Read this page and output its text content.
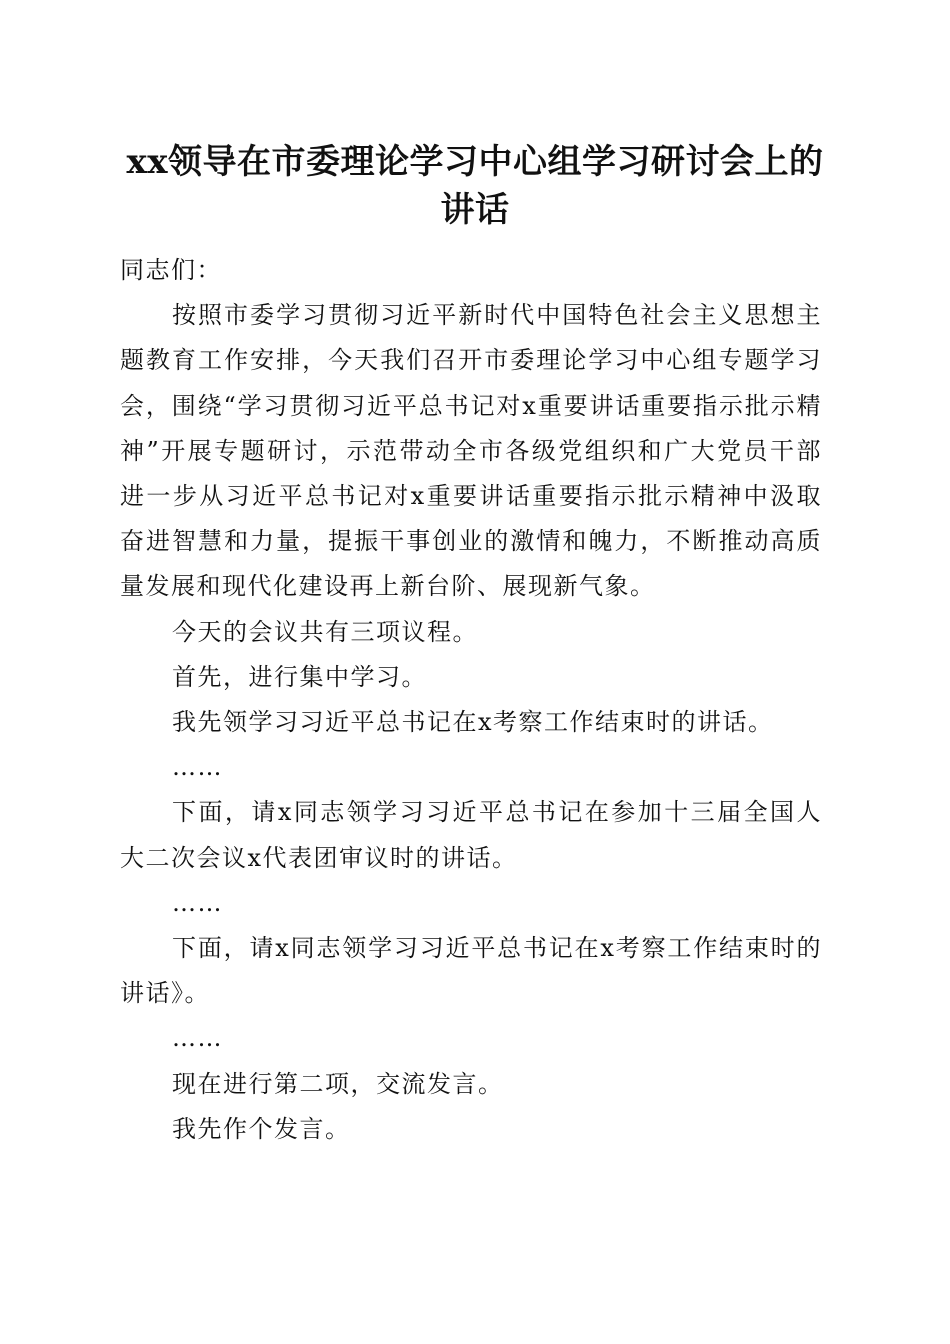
xx领导在市委理论学习中心组学习研讨会上的讲话

同志们：

按照市委学习贯彻习近平新时代中国特色社会主义思想主题教育工作安排，今天我们召开市委理论学习中心组专题学习会，围绕“学习贯彻习近平总书记对x重要讲话重要指示批示精神”开展专题研讨，示范带动全市各级党组织和广大党员干部进一步从习近平总书记对x重要讲话重要指示批示精神中汲取奋进智慧和力量，提振干事创业的激情和魄力，不断推动高质量发展和现代化建设再上新台阶、展现新气象。

今天的会议共有三项议程。

首先，进行集中学习。

我先领学习习近平总书记在x考察工作结束时的讲话。

……

下面，请x同志领学习习近平总书记在参加十三届全国人大二次会议x代表团审议时的讲话。

……

下面，请x同志领学习习近平总书记在x考察工作结束时的讲话》。

……

现在进行第二项，交流发言。

我先作个发言。
